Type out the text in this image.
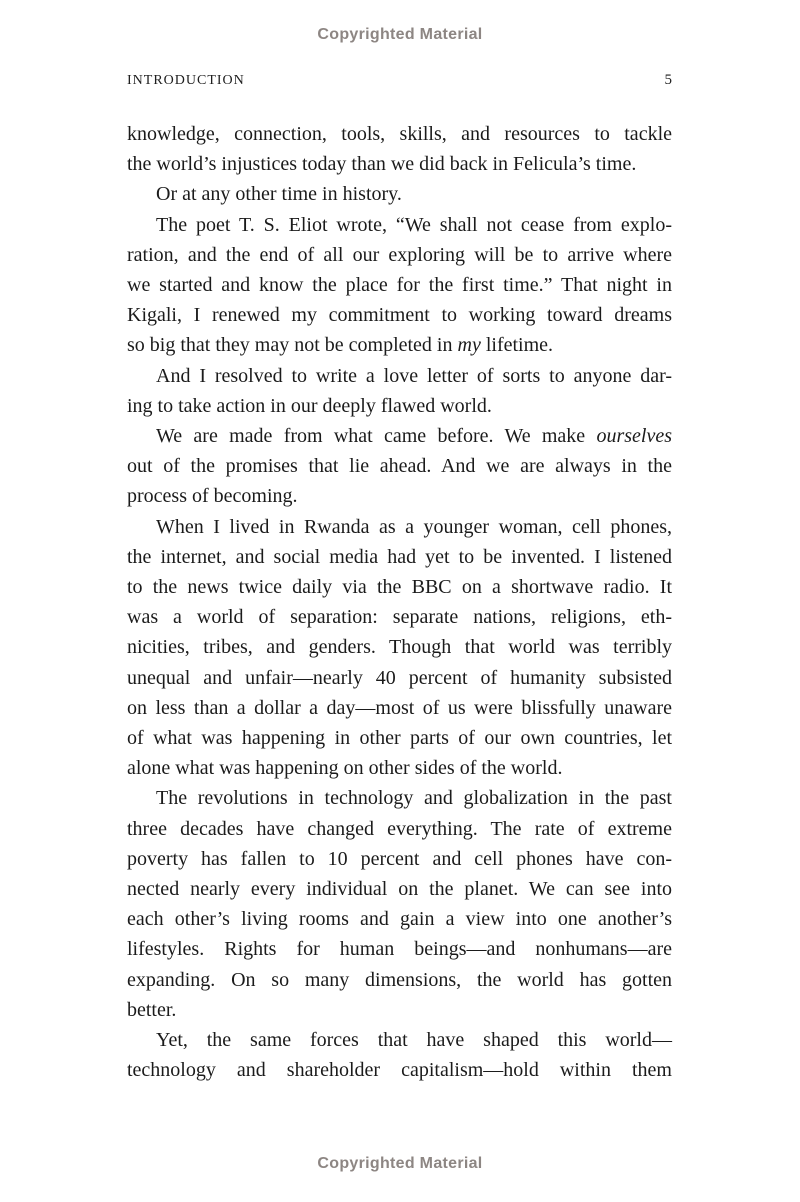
Copyrighted Material
INTRODUCTION	5
knowledge, connection, tools, skills, and resources to tackle
the world’s injustices today than we did back in Felicula’s time.
Or at any other time in history.
The poet T. S. Eliot wrote, “We shall not cease from explo-
ration, and the end of all our exploring will be to arrive where
we started and know the place for the first time.” That night in
Kigali, I renewed my commitment to working toward dreams
so big that they may not be completed in my lifetime.
And I resolved to write a love letter of sorts to anyone dar-
ing to take action in our deeply flawed world.
We are made from what came before. We make ourselves
out of the promises that lie ahead. And we are always in the
process of becoming.
When I lived in Rwanda as a younger woman, cell phones,
the internet, and social media had yet to be invented. I listened
to the news twice daily via the BBC on a shortwave radio. It
was a world of separation: separate nations, religions, eth-
nicities, tribes, and genders. Though that world was terribly
unequal and unfair—nearly 40 percent of humanity subsisted
on less than a dollar a day—most of us were blissfully unaware
of what was happening in other parts of our own countries, let
alone what was happening on other sides of the world.
The revolutions in technology and globalization in the past
three decades have changed everything. The rate of extreme
poverty has fallen to 10 percent and cell phones have con-
nected nearly every individual on the planet. We can see into
each other’s living rooms and gain a view into one another’s
lifestyles. Rights for human beings—and nonhumans—are
expanding. On so many dimensions, the world has gotten
better.
Yet, the same forces that have shaped this world—
technology and shareholder capitalism—hold within them
Copyrighted Material
